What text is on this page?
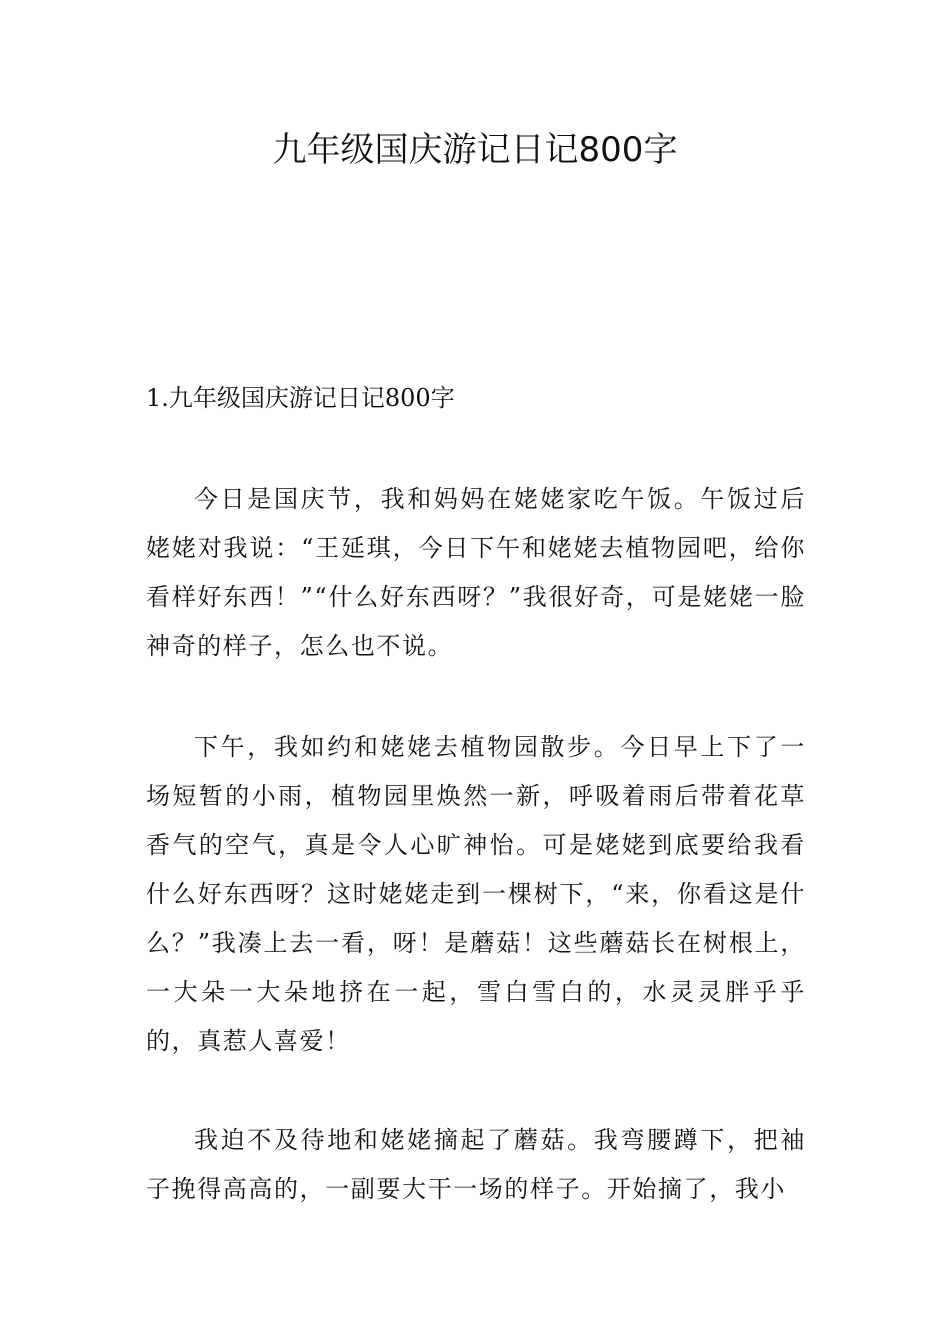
九年级国庆游记日记800字

1.九年级国庆游记日记800字

今日是国庆节，我和妈妈在姥姥家吃午饭。午饭过后姥姥对我说：“王延琪，今日下午和姥姥去植物园吧，给你看样好东西！”“什么好东西呀？”我很好奇，可是姥姥一脸神奇的样子，怎么也不说。

下午，我如约和姥姥去植物园散步。今日早上下了一场短暂的小雨，植物园里焕然一新，呼吸着雨后带着花草香气的空气，真是令人心旷神怡。可是姥姥到底要给我看什么好东西呀？这时姥姥走到一棵树下，“来，你看这是什么？”我凑上去一看，呀！是蘑菇！这些蘑菇长在树根上，一大朵一大朵地挤在一起，雪白雪白的，水灵灵胖乎乎的，真惹人喜爱！

我迫不及待地和姥姥摘起了蘑菇。我弯腰蹲下，把袖子挽得高高的，一副要大干一场的样子。开始摘了，我小
